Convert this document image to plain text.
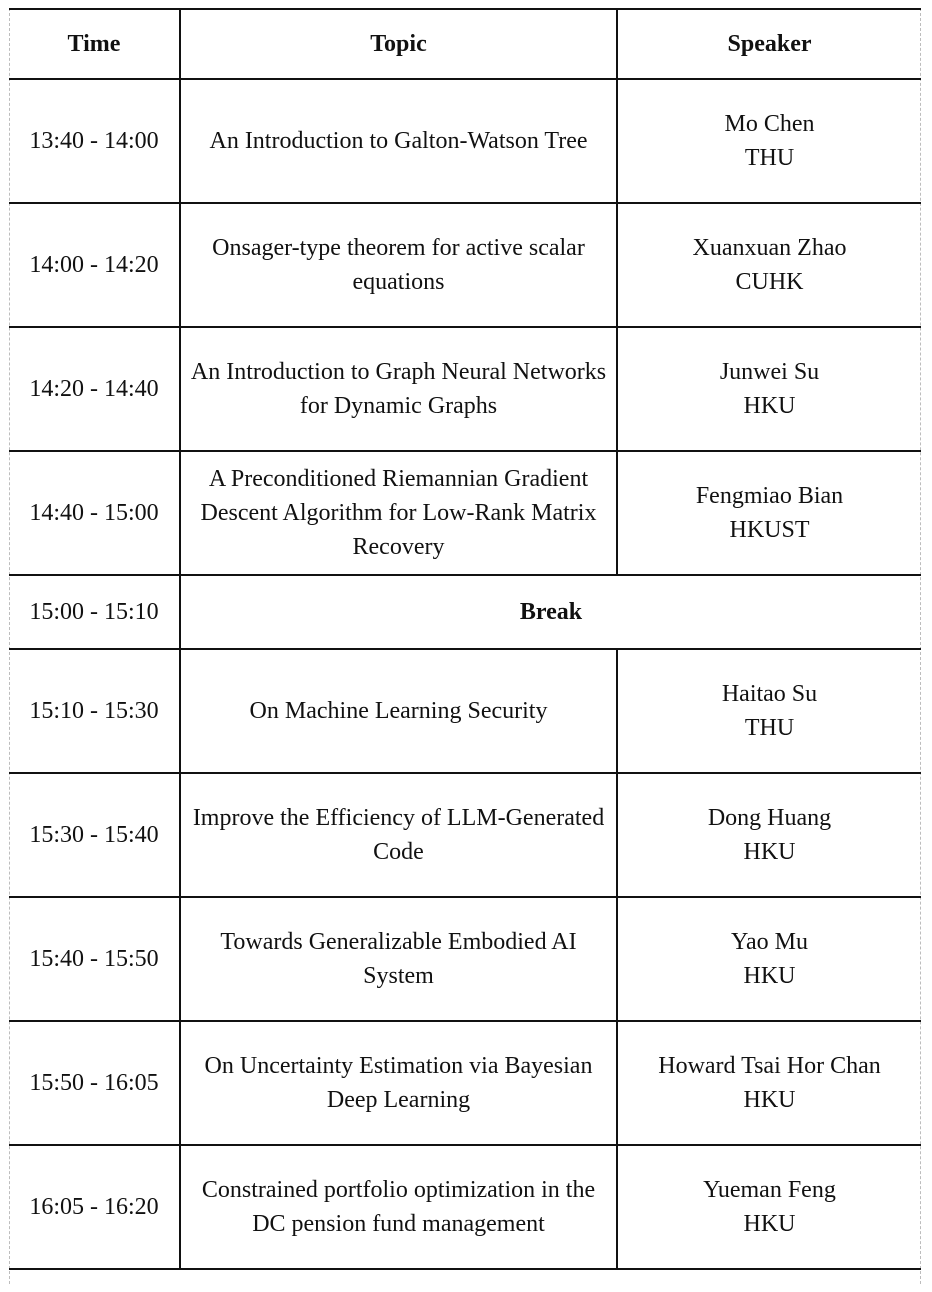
Time	Topic	Speaker
13:40 - 14:00	An Introduction to Galton-Watson Tree	Mo Chen
THU

14:00 - 14:20	Onsager-type theorem for active scalar equations	Xuanxuan Zhao
CUHK

14:20 - 14:40	An Introduction to Graph Neural Networks for Dynamic Graphs	Junwei Su
HKU

14:40 - 15:00	A Preconditioned Riemannian Gradient Descent Algorithm for Low-Rank Matrix Recovery	Fengmiao Bian
HKUST

15:00 - 15:10	Break	
15:10 - 15:30	On Machine Learning Security	Haitao Su
THU

15:30 - 15:40	Improve the Efficiency of LLM-Generated Code	Dong Huang
HKU

15:40 - 15:50	Towards Generalizable Embodied AI System	Yao Mu
HKU

15:50 - 16:05	On Uncertainty Estimation via Bayesian Deep Learning	Howard Tsai Hor Chan
HKU

16:05 - 16:20	Constrained portfolio optimization in the DC pension fund management	Yueman Feng
HKU
